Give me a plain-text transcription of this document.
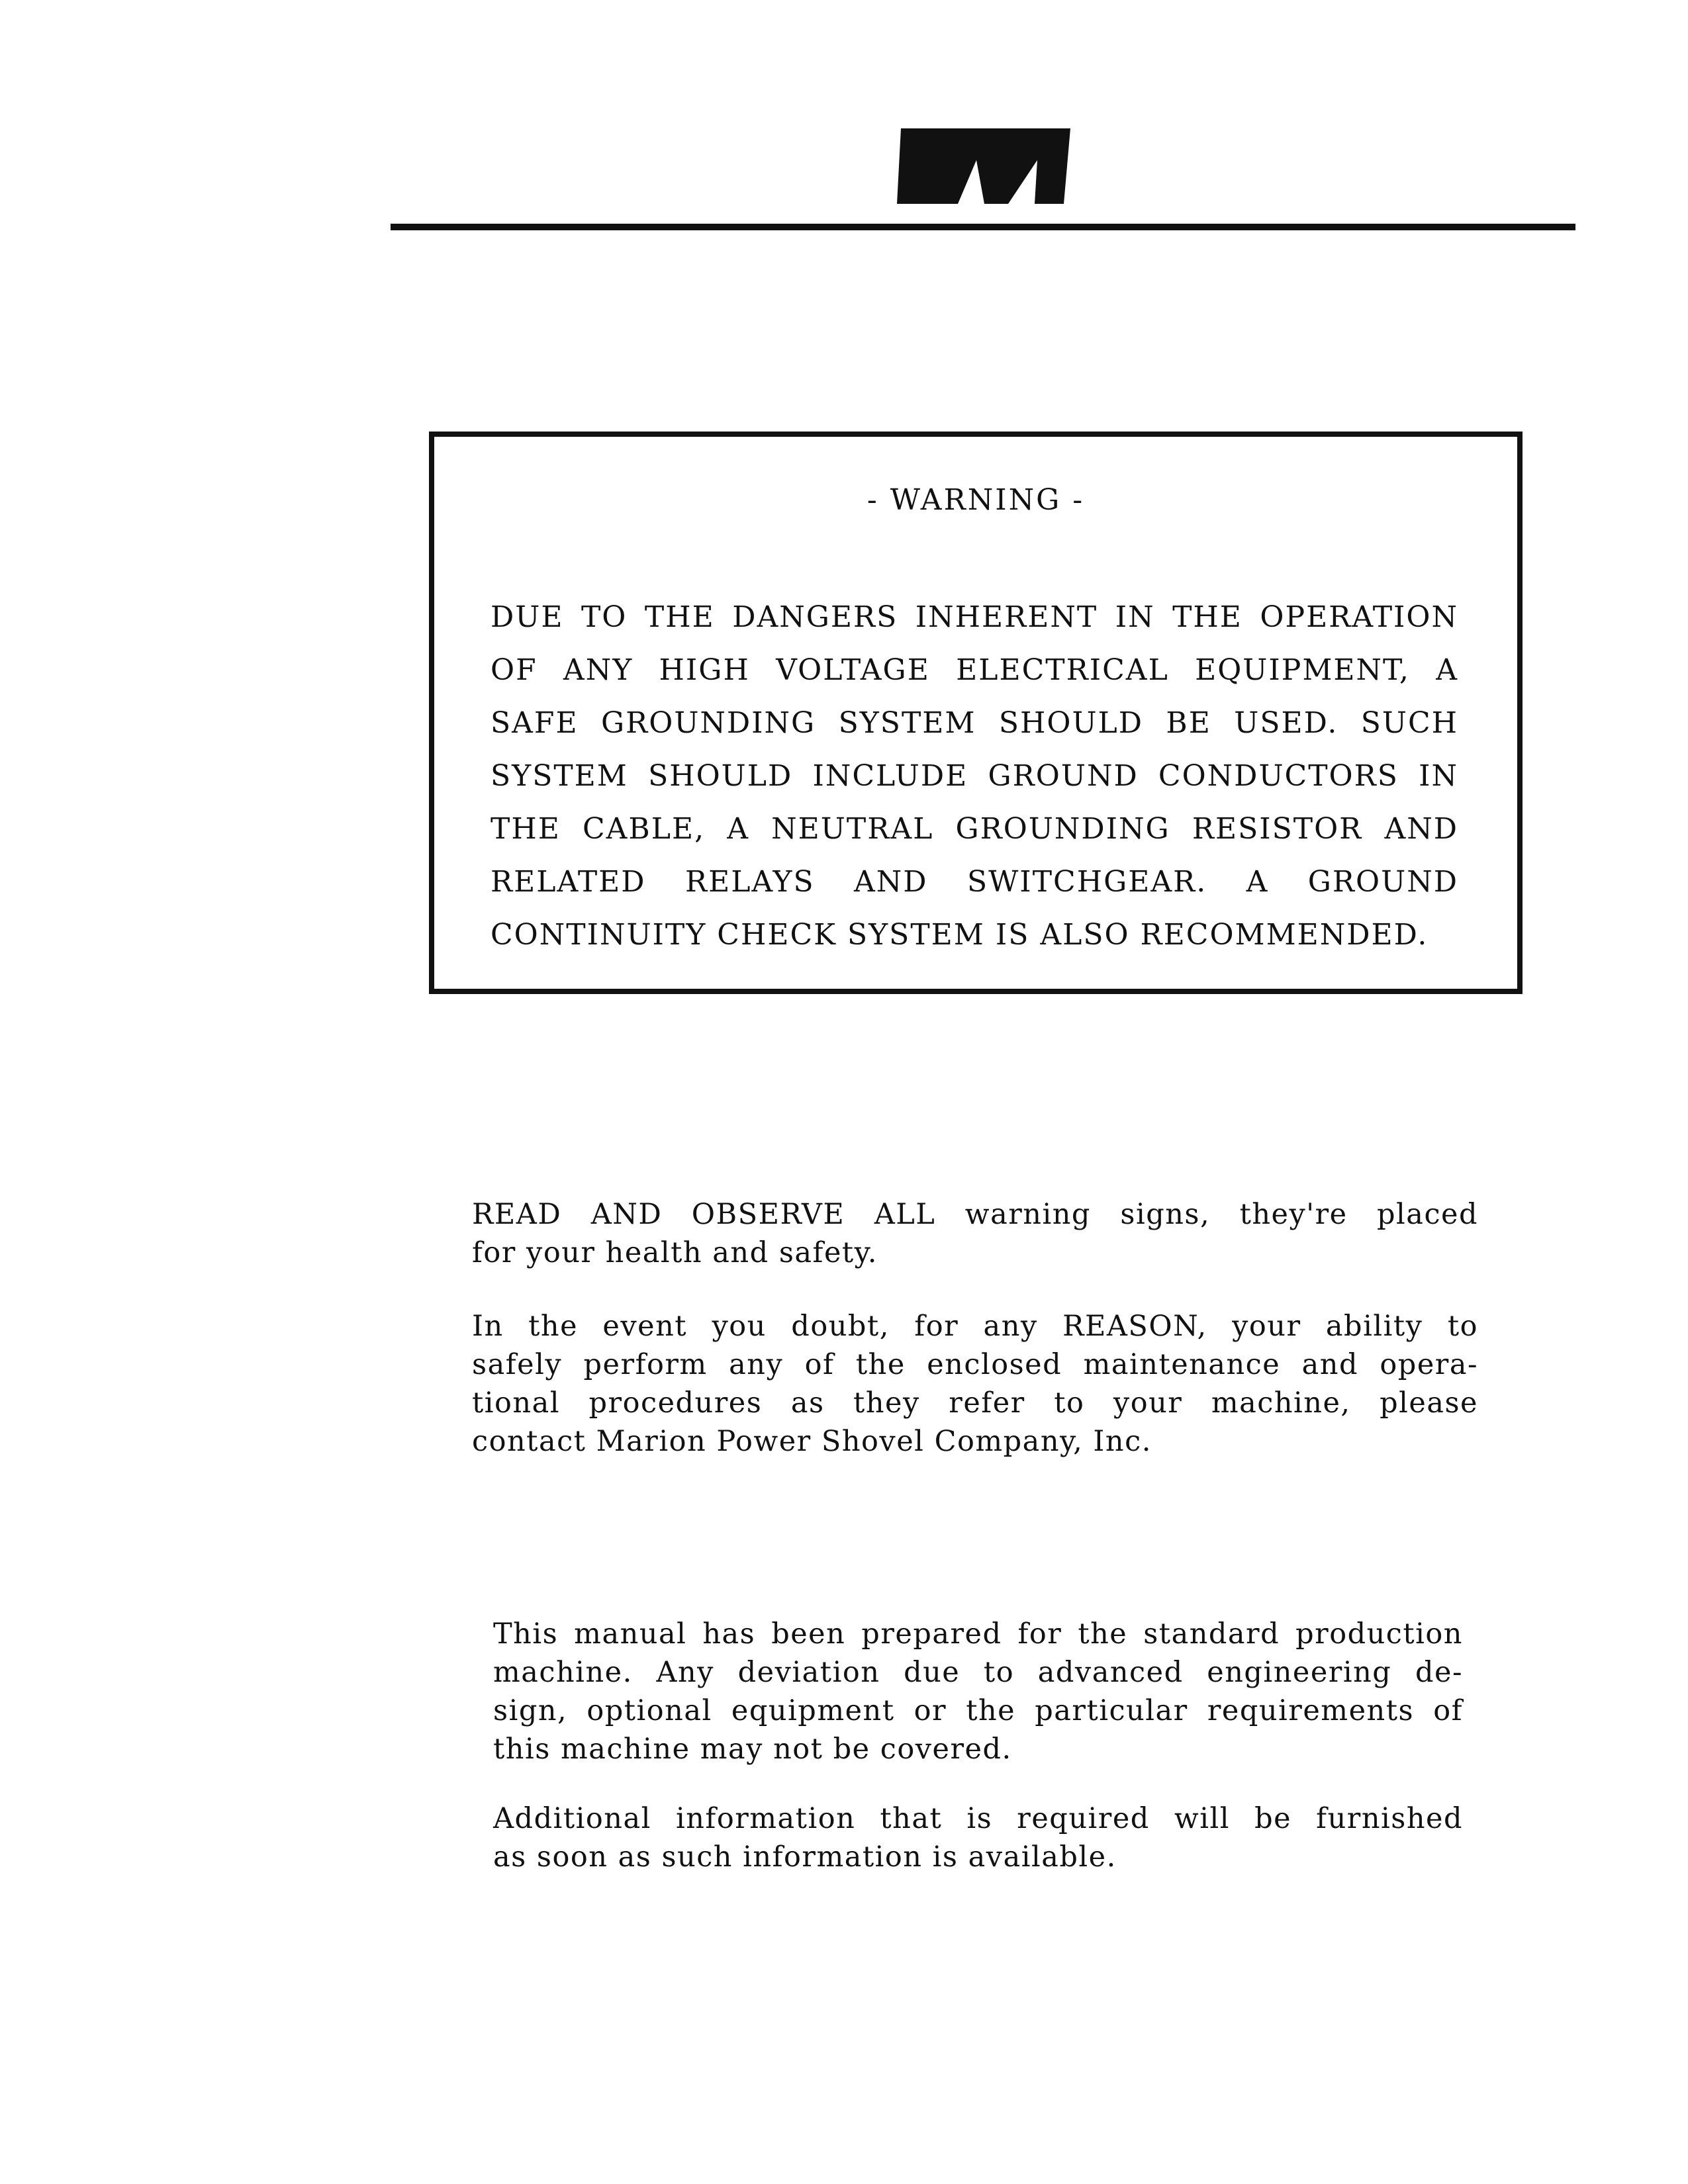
- WARNING -
DUE TO THE DANGERS INHERENT IN THE OPERATION
OF ANY HIGH VOLTAGE ELECTRICAL EQUIPMENT, A
SAFE GROUNDING SYSTEM SHOULD BE USED. SUCH
SYSTEM SHOULD INCLUDE GROUND CONDUCTORS IN
THE CABLE, A NEUTRAL GROUNDING RESISTOR AND
RELATED RELAYS AND SWITCHGEAR. A GROUND
CONTINUITY CHECK SYSTEM IS ALSO RECOMMENDED.
READ AND OBSERVE ALL warning signs, they're placed
for your health and safety.
In the event you doubt, for any REASON, your ability to
safely perform any of the enclosed maintenance and opera-
tional procedures as they refer to your machine, please
contact Marion Power Shovel Company, Inc.
This manual has been prepared for the standard production
machine. Any deviation due to advanced engineering de-
sign, optional equipment or the particular requirements of
this machine may not be covered.
Additional information that is required will be furnished
as soon as such information is available.
